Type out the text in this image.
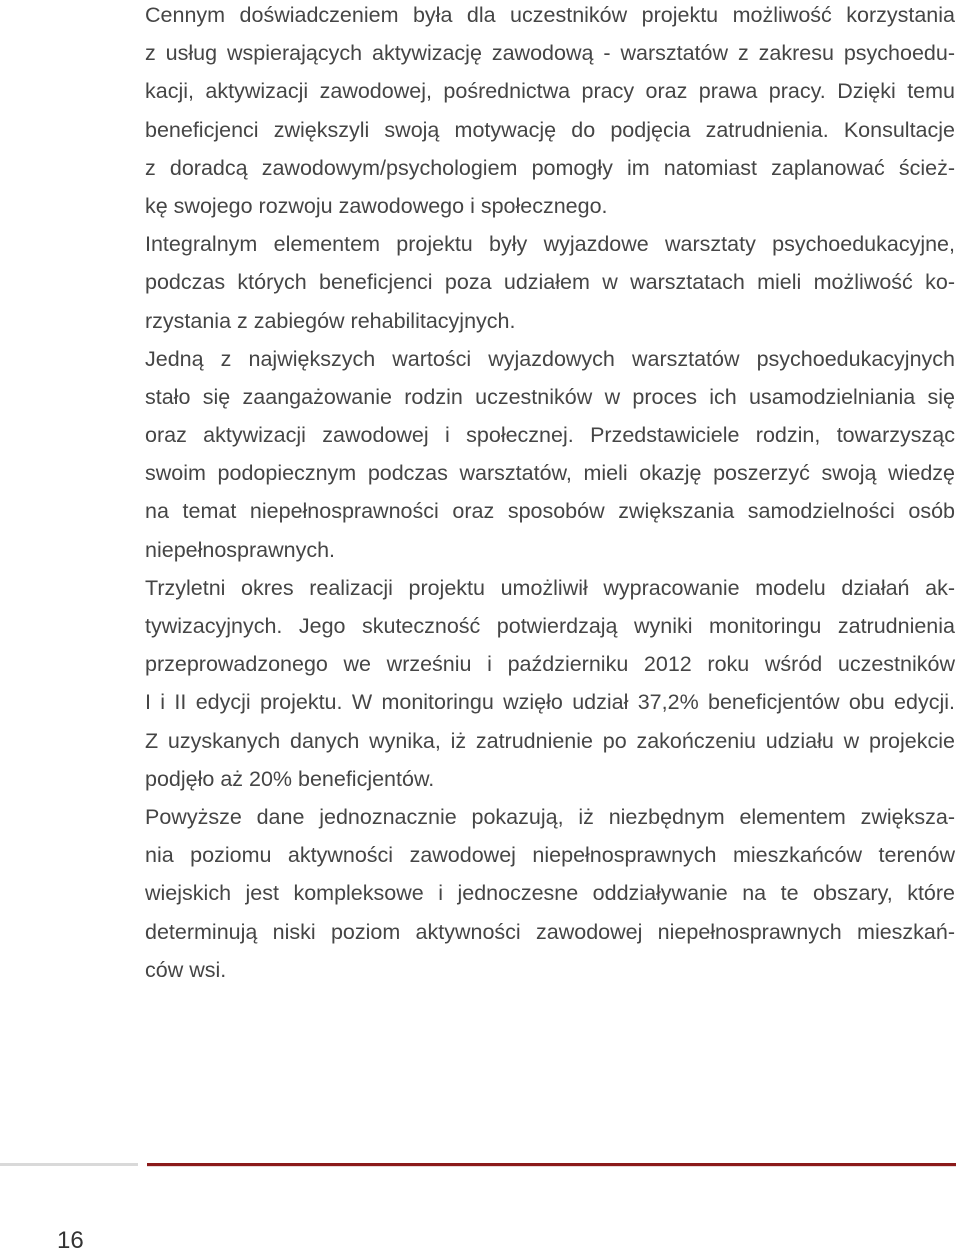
Cennym doświadczeniem była dla uczestników projektu możliwość korzystania
z usług wspierających aktywizację zawodową - warsztatów z zakresu psychoedu-
kacji, aktywizacji zawodowej, pośrednictwa pracy oraz prawa pracy. Dzięki temu
beneficjenci zwiększyli swoją motywację do podjęcia zatrudnienia. Konsultacje
z doradcą zawodowym/psychologiem pomogły im natomiast zaplanować ścież-
kę swojego rozwoju zawodowego i społecznego.
Integralnym elementem projektu były wyjazdowe warsztaty psychoedukacyjne,
podczas których beneficjenci poza udziałem w warsztatach mieli możliwość ko-
rzystania z zabiegów rehabilitacyjnych.
Jedną z największych wartości wyjazdowych warsztatów psychoedukacyjnych
stało się zaangażowanie rodzin uczestników w proces ich usamodzielniania się
oraz aktywizacji zawodowej i społecznej. Przedstawiciele rodzin, towarzysząc
swoim podopiecznym podczas warsztatów, mieli okazję poszerzyć swoją wiedzę
na temat niepełnosprawności oraz sposobów zwiększania samodzielności osób
niepełnosprawnych.
Trzyletni okres realizacji projektu umożliwił wypracowanie modelu działań ak-
tywizacyjnych. Jego skuteczność potwierdzają wyniki monitoringu zatrudnienia
przeprowadzonego we wrześniu i październiku 2012 roku wśród uczestników
I i II edycji projektu. W monitoringu wzięło udział 37,2% beneficjentów obu edycji.
Z uzyskanych danych wynika, iż zatrudnienie po zakończeniu udziału w projekcie
podjęło aż 20% beneficjentów.
Powyższe dane jednoznacznie pokazują, iż niezbędnym elementem zwiększa-
nia poziomu aktywności zawodowej niepełnosprawnych mieszkańców terenów
wiejskich jest kompleksowe i jednoczesne oddziaływanie na te obszary, które
determinują niski poziom aktywności zawodowej niepełnosprawnych mieszkań-
ców wsi.
16
